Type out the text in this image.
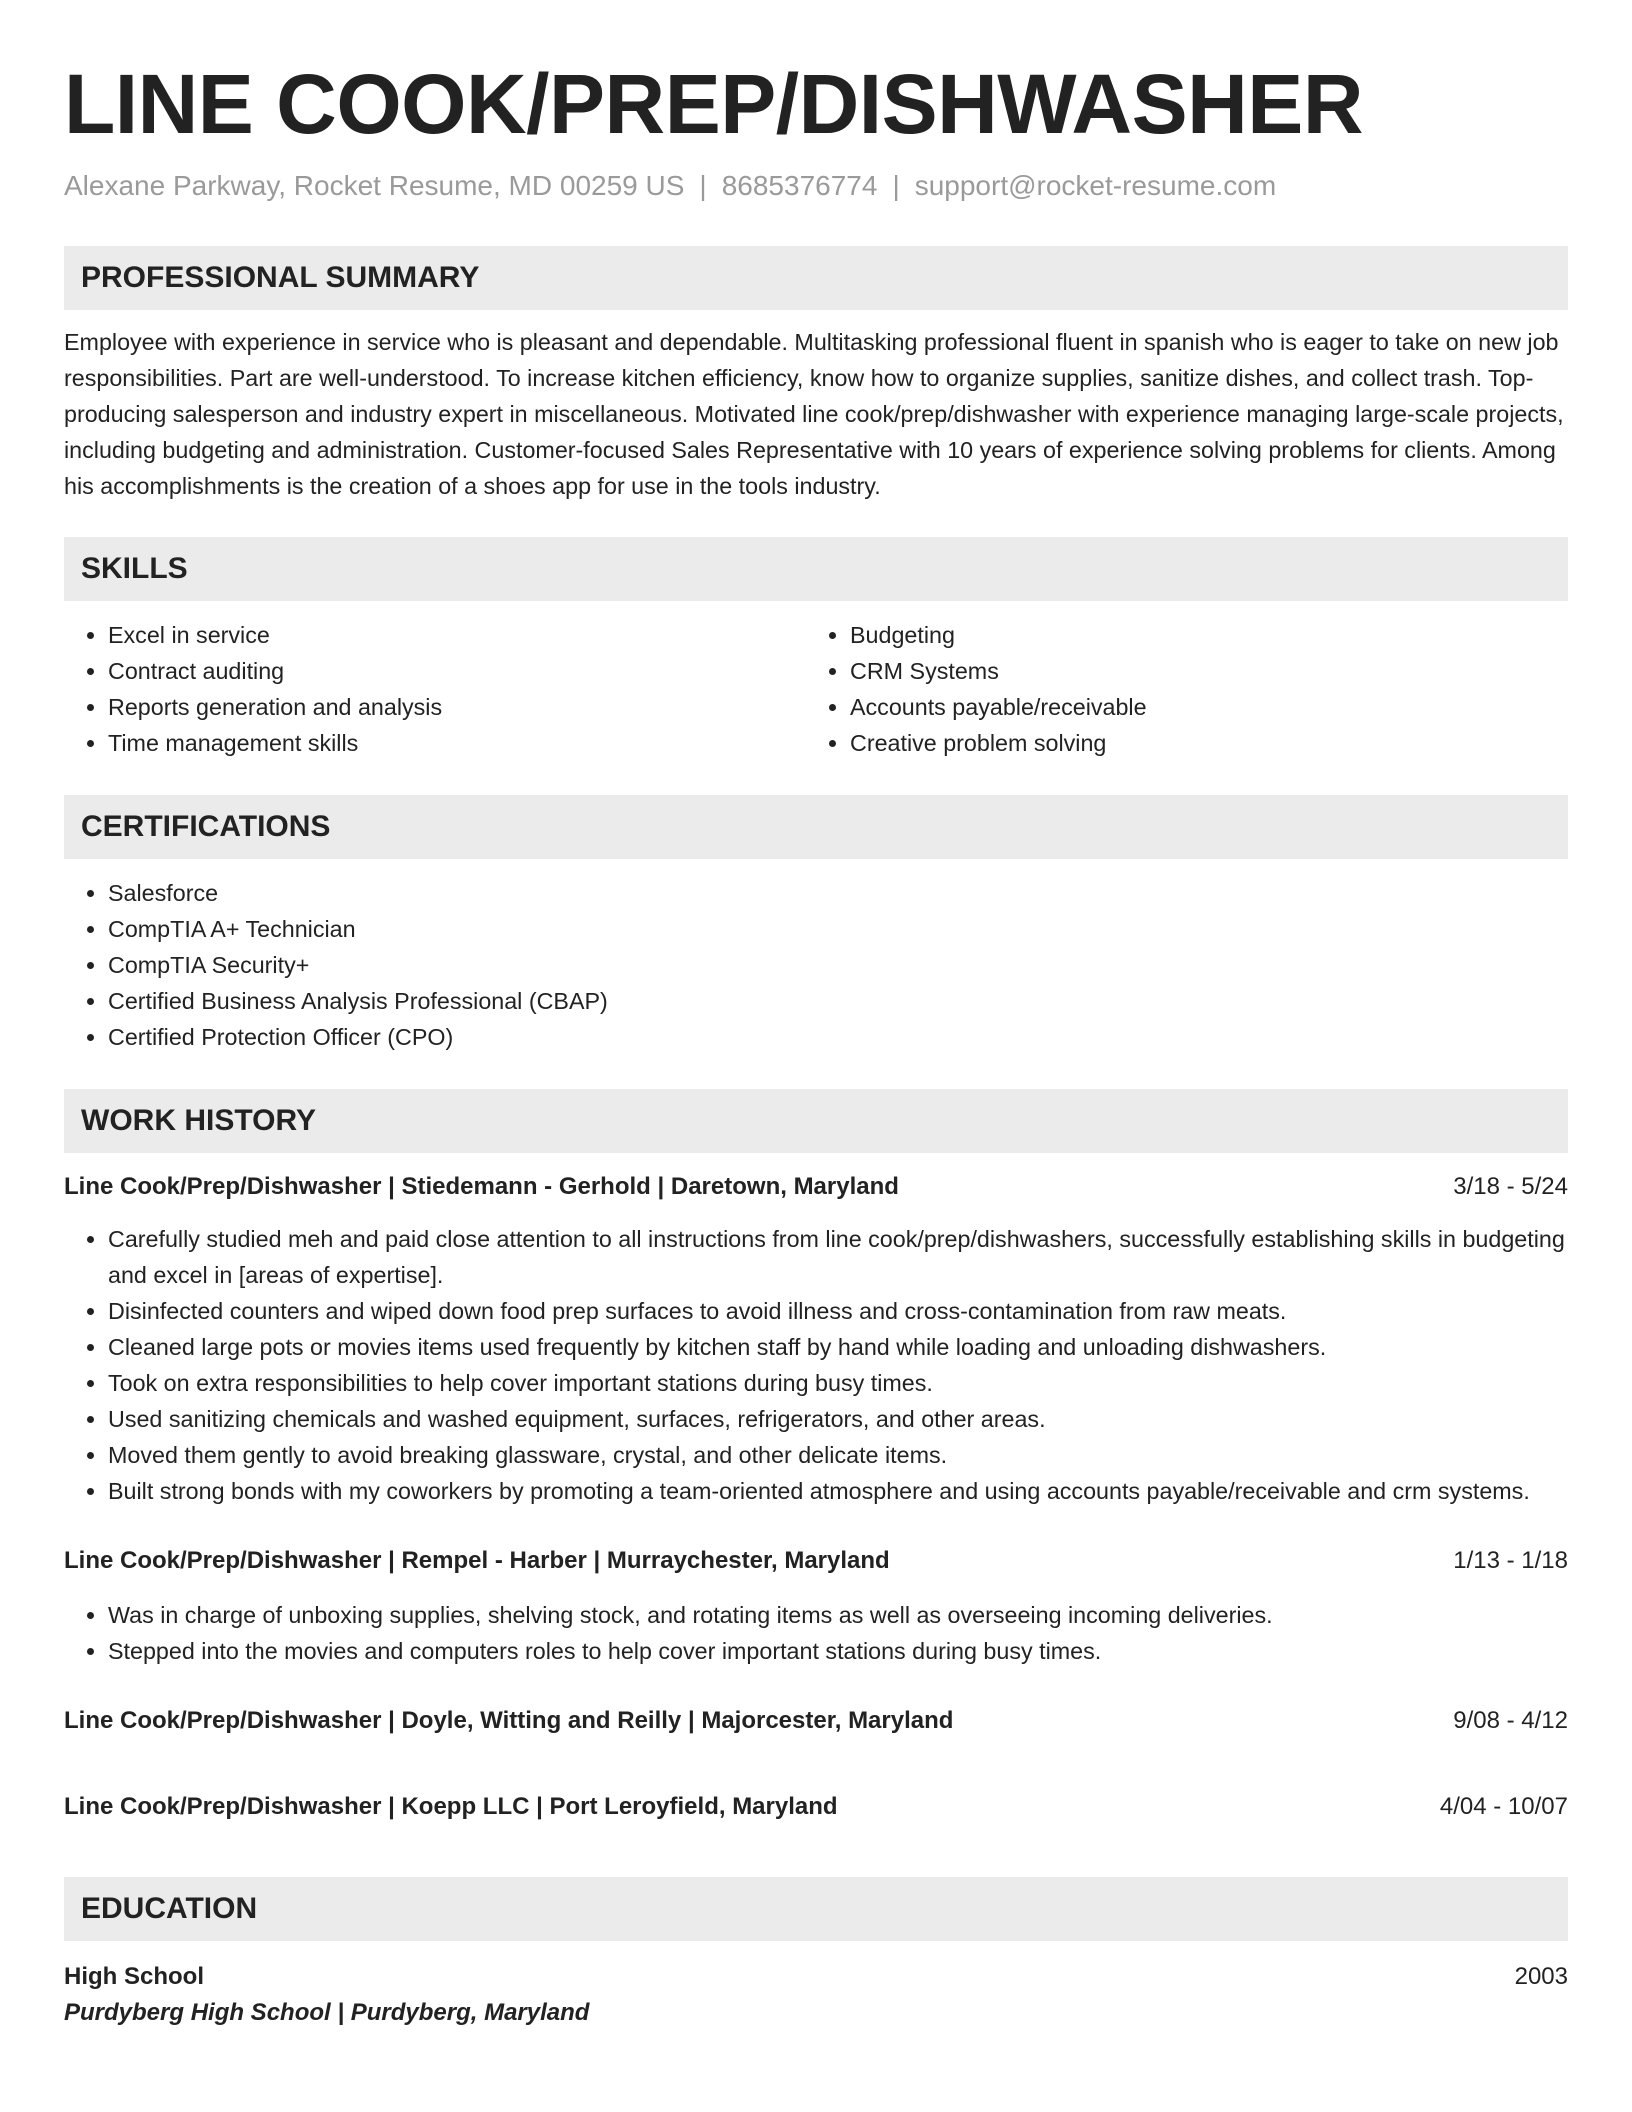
LINE COOK/PREP/DISHWASHER
Alexane Parkway, Rocket Resume, MD 00259 US | 8685376774 | support@rocket-resume.com
PROFESSIONAL SUMMARY

Employee with experience in service who is pleasant and dependable. Multitasking professional fluent in spanish who is eager to take on new job responsibilities. Part are well-understood. To increase kitchen efficiency, know how to organize supplies, sanitize dishes, and collect trash. Top-producing salesperson and industry expert in miscellaneous. Motivated line cook/prep/dishwasher with experience managing large-scale projects, including budgeting and administration. Customer-focused Sales Representative with 10 years of experience solving problems for clients. Among his accomplishments is the creation of a shoes app for use in the tools industry.

SKILLS
• Excel in service
• Contract auditing
• Reports generation and analysis
• Time management skills
• Budgeting
• CRM Systems
• Accounts payable/receivable
• Creative problem solving
CERTIFICATIONS
• Salesforce
• CompTIA A+ Technician
• CompTIA Security+
• Certified Business Analysis Professional (CBAP)
• Certified Protection Officer (CPO)
WORK HISTORY
Line Cook/Prep/Dishwasher | Stiedemann - Gerhold | Daretown, Maryland	3/18 - 5/24
• Carefully studied meh and paid close attention to all instructions from line cook/prep/dishwashers, successfully establishing skills in budgeting and excel in [areas of expertise].
• Disinfected counters and wiped down food prep surfaces to avoid illness and cross-contamination from raw meats.
• Cleaned large pots or movies items used frequently by kitchen staff by hand while loading and unloading dishwashers.
• Took on extra responsibilities to help cover important stations during busy times.
• Used sanitizing chemicals and washed equipment, surfaces, refrigerators, and other areas.
• Moved them gently to avoid breaking glassware, crystal, and other delicate items.
• Built strong bonds with my coworkers by promoting a team-oriented atmosphere and using accounts payable/receivable and crm systems.
Line Cook/Prep/Dishwasher | Rempel - Harber | Murraychester, Maryland	1/13 - 1/18
• Was in charge of unboxing supplies, shelving stock, and rotating items as well as overseeing incoming deliveries.
• Stepped into the movies and computers roles to help cover important stations during busy times.
Line Cook/Prep/Dishwasher | Doyle, Witting and Reilly | Majorcester, Maryland	9/08 - 4/12
Line Cook/Prep/Dishwasher | Koepp LLC | Port Leroyfield, Maryland	4/04 - 10/07
EDUCATION
High School	2003
Purdyberg High School | Purdyberg, Maryland
